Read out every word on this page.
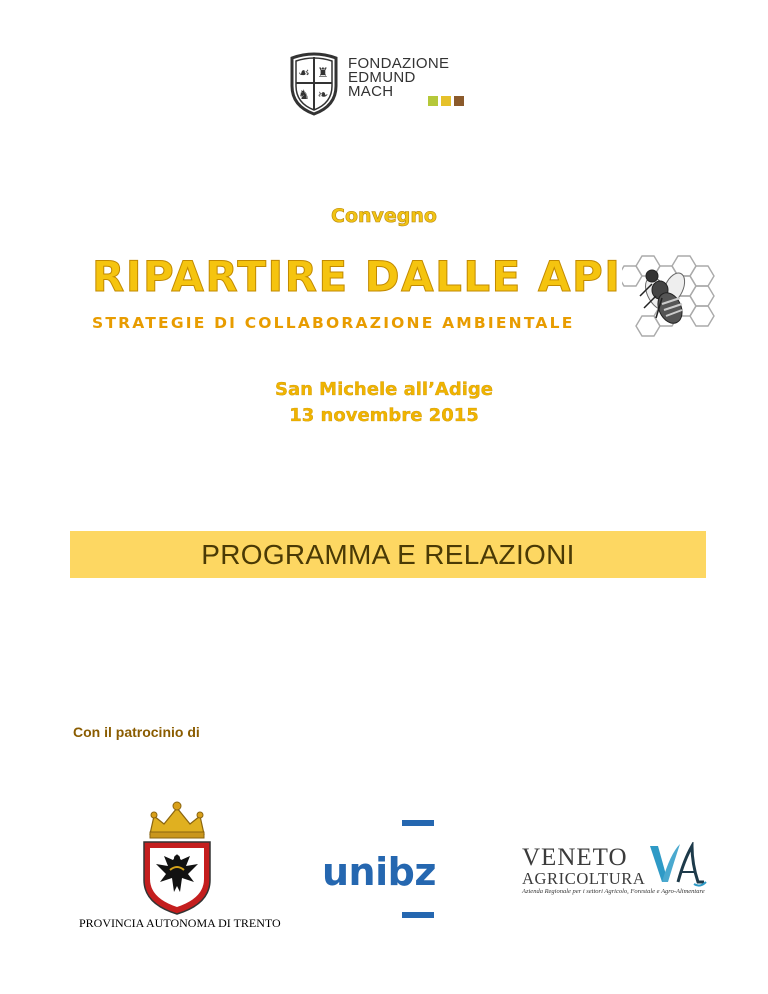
☙ ♜
♞ ❧
FONDAZIONE
EDMUND
MACH
Convegno
RIPARTIRE DALLE API
STRATEGIE DI COLLABORAZIONE AMBIENTALE
San Michele all’Adige
13 novembre 2015
PROGRAMMA E RELAZIONI
Con il patrocinio di
PROVINCIA AUTONOMA DI TRENTO
unibz	VENETO
AGRICOLTURA
Azienda Regionale per i settori Agricolo, Forestale e Agro-Alimentare
